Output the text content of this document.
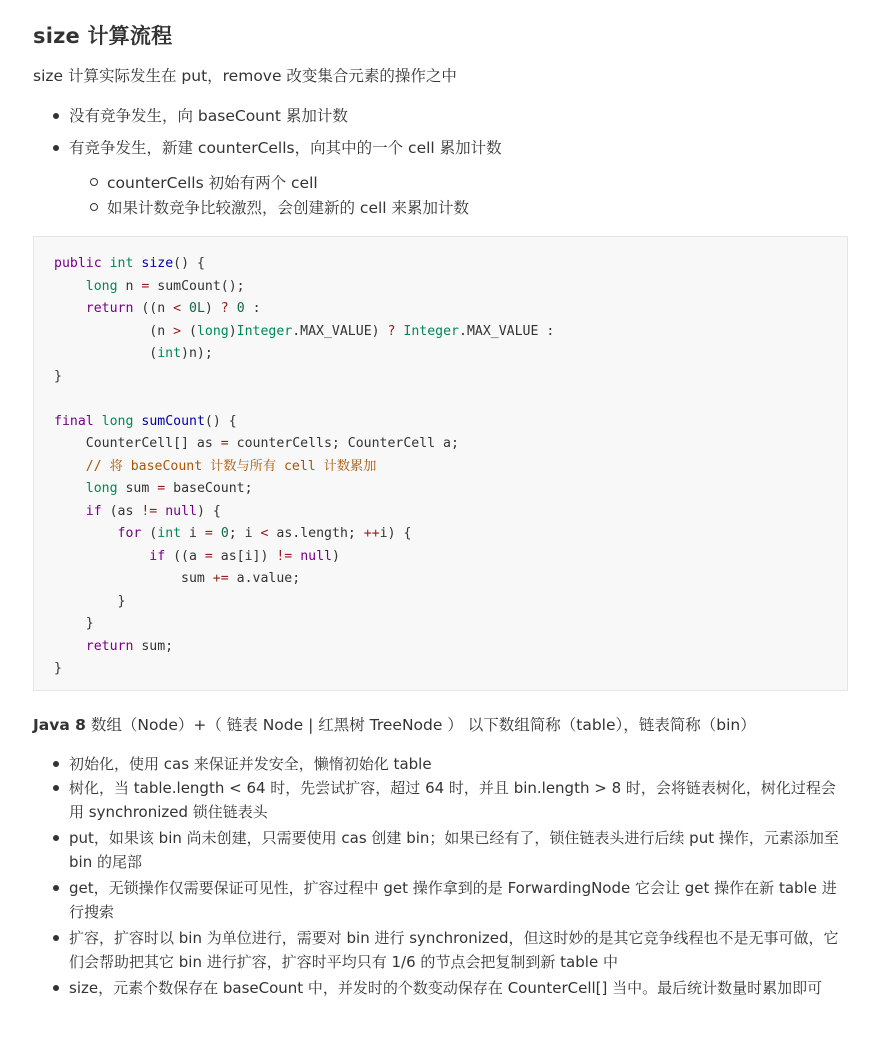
size 计算流程

size 计算实际发生在 put，remove 改变集合元素的操作之中

没有竞争发生，向 baseCount 累加计数
有竞争发生，新建 counterCells，向其中的一个 cell 累加计数
counterCells 初始有两个 cell
如果计数竞争比较激烈，会创建新的 cell 来累加计数
public int size() {
long n = sumCount();
return ((n < 0L) ? 0 :
(n > (long)Integer.MAX_VALUE) ? Integer.MAX_VALUE :
(int)n);
}

final long sumCount() {
CounterCell[] as = counterCells; CounterCell a;
// 将 baseCount 计数与所有 cell 计数累加
long sum = baseCount;
if (as != null) {
for (int i = 0; i < as.length; ++i) {
if ((a = as[i]) != null)
sum += a.value;
}
}
return sum;
}
Java 8 数组（Node）+（ 链表 Node | 红黑树 TreeNode ） 以下数组简称（table），链表简称（bin）
初始化，使用 cas 来保证并发安全，懒惰初始化 table
树化，当 table.length < 64 时，先尝试扩容，超过 64 时，并且 bin.length > 8 时，会将链表树化，树化过程会用 synchronized 锁住链表头
put，如果该 bin 尚未创建，只需要使用 cas 创建 bin；如果已经有了，锁住链表头进行后续 put 操作，元素添加至 bin 的尾部
get，无锁操作仅需要保证可见性，扩容过程中 get 操作拿到的是 ForwardingNode 它会让 get 操作在新 table 进行搜索
扩容，扩容时以 bin 为单位进行，需要对 bin 进行 synchronized，但这时妙的是其它竞争线程也不是无事可做，它们会帮助把其它 bin 进行扩容，扩容时平均只有 1/6 的节点会把复制到新 table 中
size，元素个数保存在 baseCount 中，并发时的个数变动保存在 CounterCell[] 当中。最后统计数量时累加即可
